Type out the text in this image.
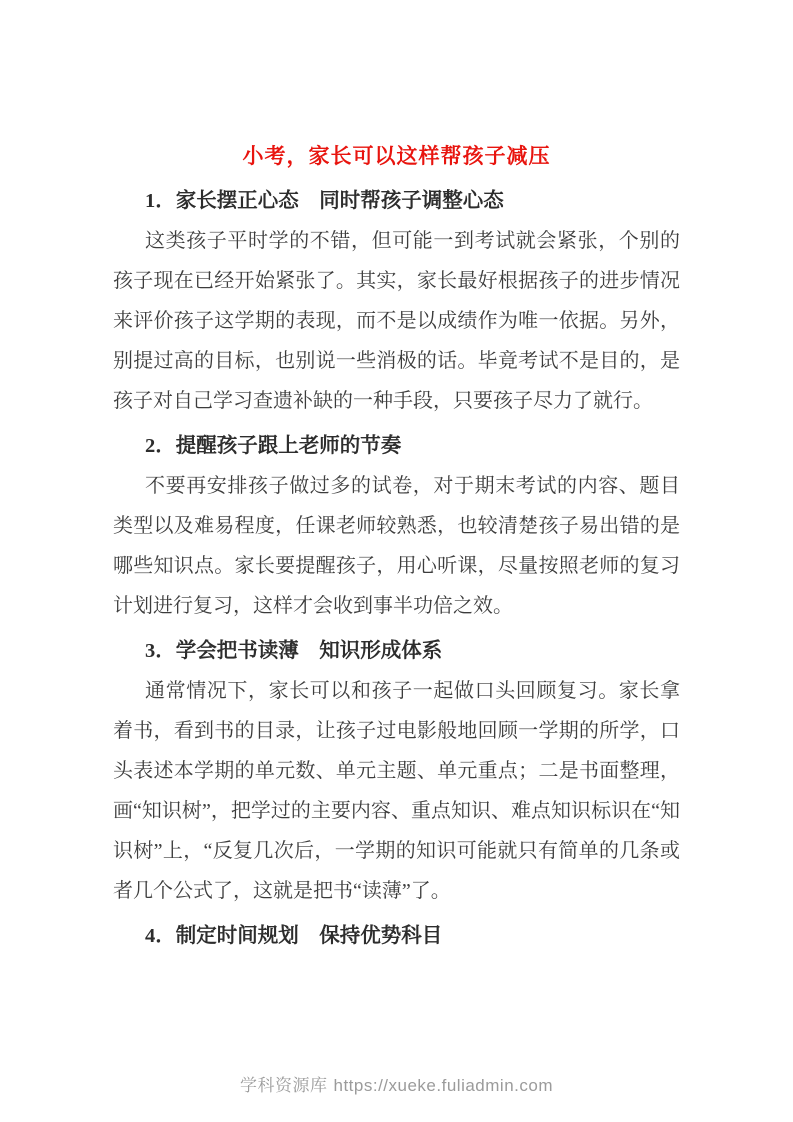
小考，家长可以这样帮孩子减压
1．家长摆正心态　同时帮孩子调整心态

这类孩子平时学的不错，但可能一到考试就会紧张，个别的孩子现在已经开始紧张了。其实，家长最好根据孩子的进步情况来评价孩子这学期的表现，而不是以成绩作为唯一依据。另外，别提过高的目标，也别说一些消极的话。毕竟考试不是目的，是孩子对自己学习查遗补缺的一种手段，只要孩子尽力了就行。

2．提醒孩子跟上老师的节奏

不要再安排孩子做过多的试卷，对于期末考试的内容、题目类型以及难易程度，任课老师较熟悉，也较清楚孩子易出错的是哪些知识点。家长要提醒孩子，用心听课，尽量按照老师的复习计划进行复习，这样才会收到事半功倍之效。

3．学会把书读薄　知识形成体系

通常情况下，家长可以和孩子一起做口头回顾复习。家长拿着书，看到书的目录，让孩子过电影般地回顾一学期的所学，口头表述本学期的单元数、单元主题、单元重点；二是书面整理，画“知识树”，把学过的主要内容、重点知识、难点知识标识在“知识树”上，“反复几次后，一学期的知识可能就只有简单的几条或者几个公式了，这就是把书“读薄”了。

4．制定时间规划　保持优势科目
学科资源库 https://xueke.fuliadmin.com
